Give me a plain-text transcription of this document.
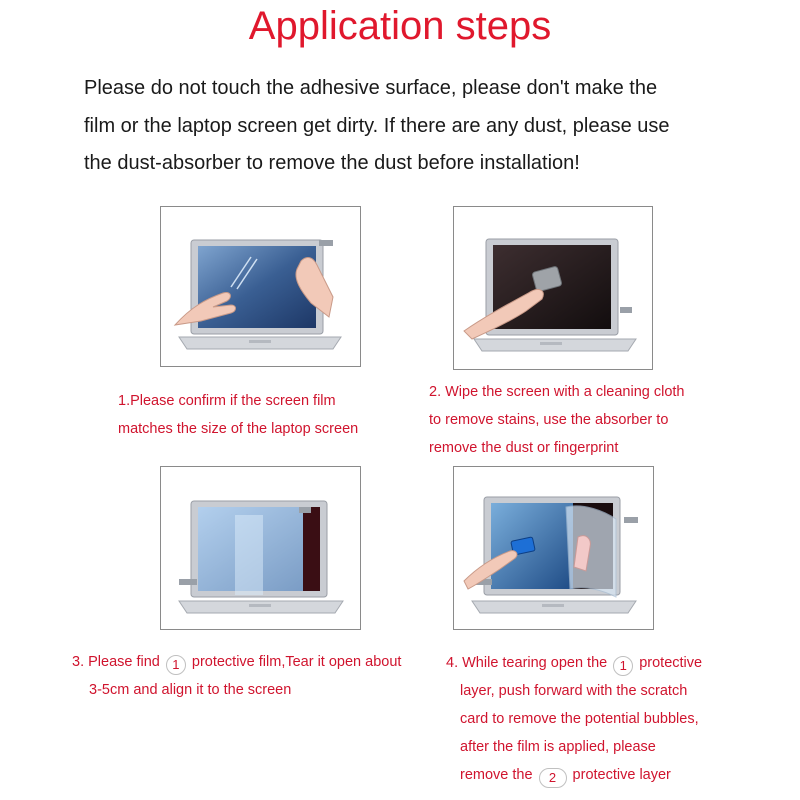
Application steps
Please do not touch the adhesive surface, please don't make the
film or the laptop screen get dirty. If there are any dust, please use
the dust-absorber to remove the dust before installation!
1.Please confirm if the screen film
matches the size of the laptop screen
2. Wipe the screen with a cleaning cloth
to remove stains, use the absorber to
remove the dust or fingerprint
3. Please find 1 protective film,Tear it open about
3-5cm and align it to the screen
4. While tearing open the 1 protective
layer, push forward with the scratch
card to remove the potential bubbles,
after the film is applied, please
remove the 2 protective layer
